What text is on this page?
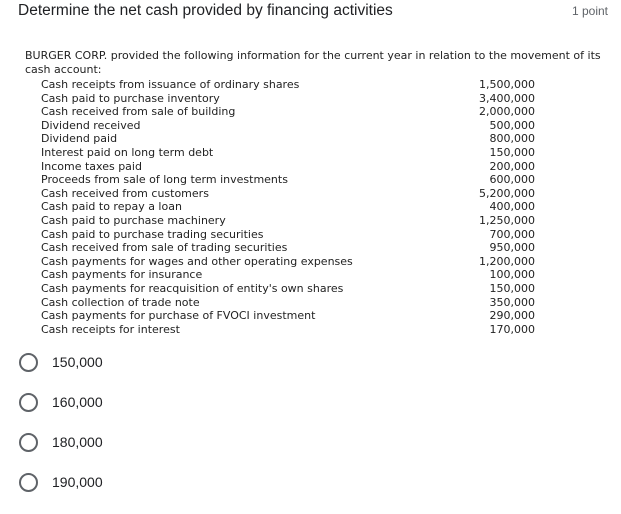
Determine the net cash provided by financing activities	1 point
BURGER CORP. provided the following information for the current year in relation to the movement of its cash account:
Cash receipts from issuance of ordinary shares	1,500,000
Cash paid to purchase inventory	3,400,000
Cash received from sale of building	2,000,000
Dividend received	500,000
Dividend paid	800,000
Interest paid on long term debt	150,000
Income taxes paid	200,000
Proceeds from sale of long term investments	600,000
Cash received from customers	5,200,000
Cash paid to repay a loan	400,000
Cash paid to purchase machinery	1,250,000
Cash paid to purchase trading securities	700,000
Cash received from sale of trading securities	950,000
Cash payments for wages and other operating expenses	1,200,000
Cash payments for insurance	100,000
Cash payments for reacquisition of entity's own shares	150,000
Cash collection of trade note	350,000
Cash payments for purchase of FVOCI investment	290,000
Cash receipts for interest	170,000
150,000
160,000
180,000
190,000
